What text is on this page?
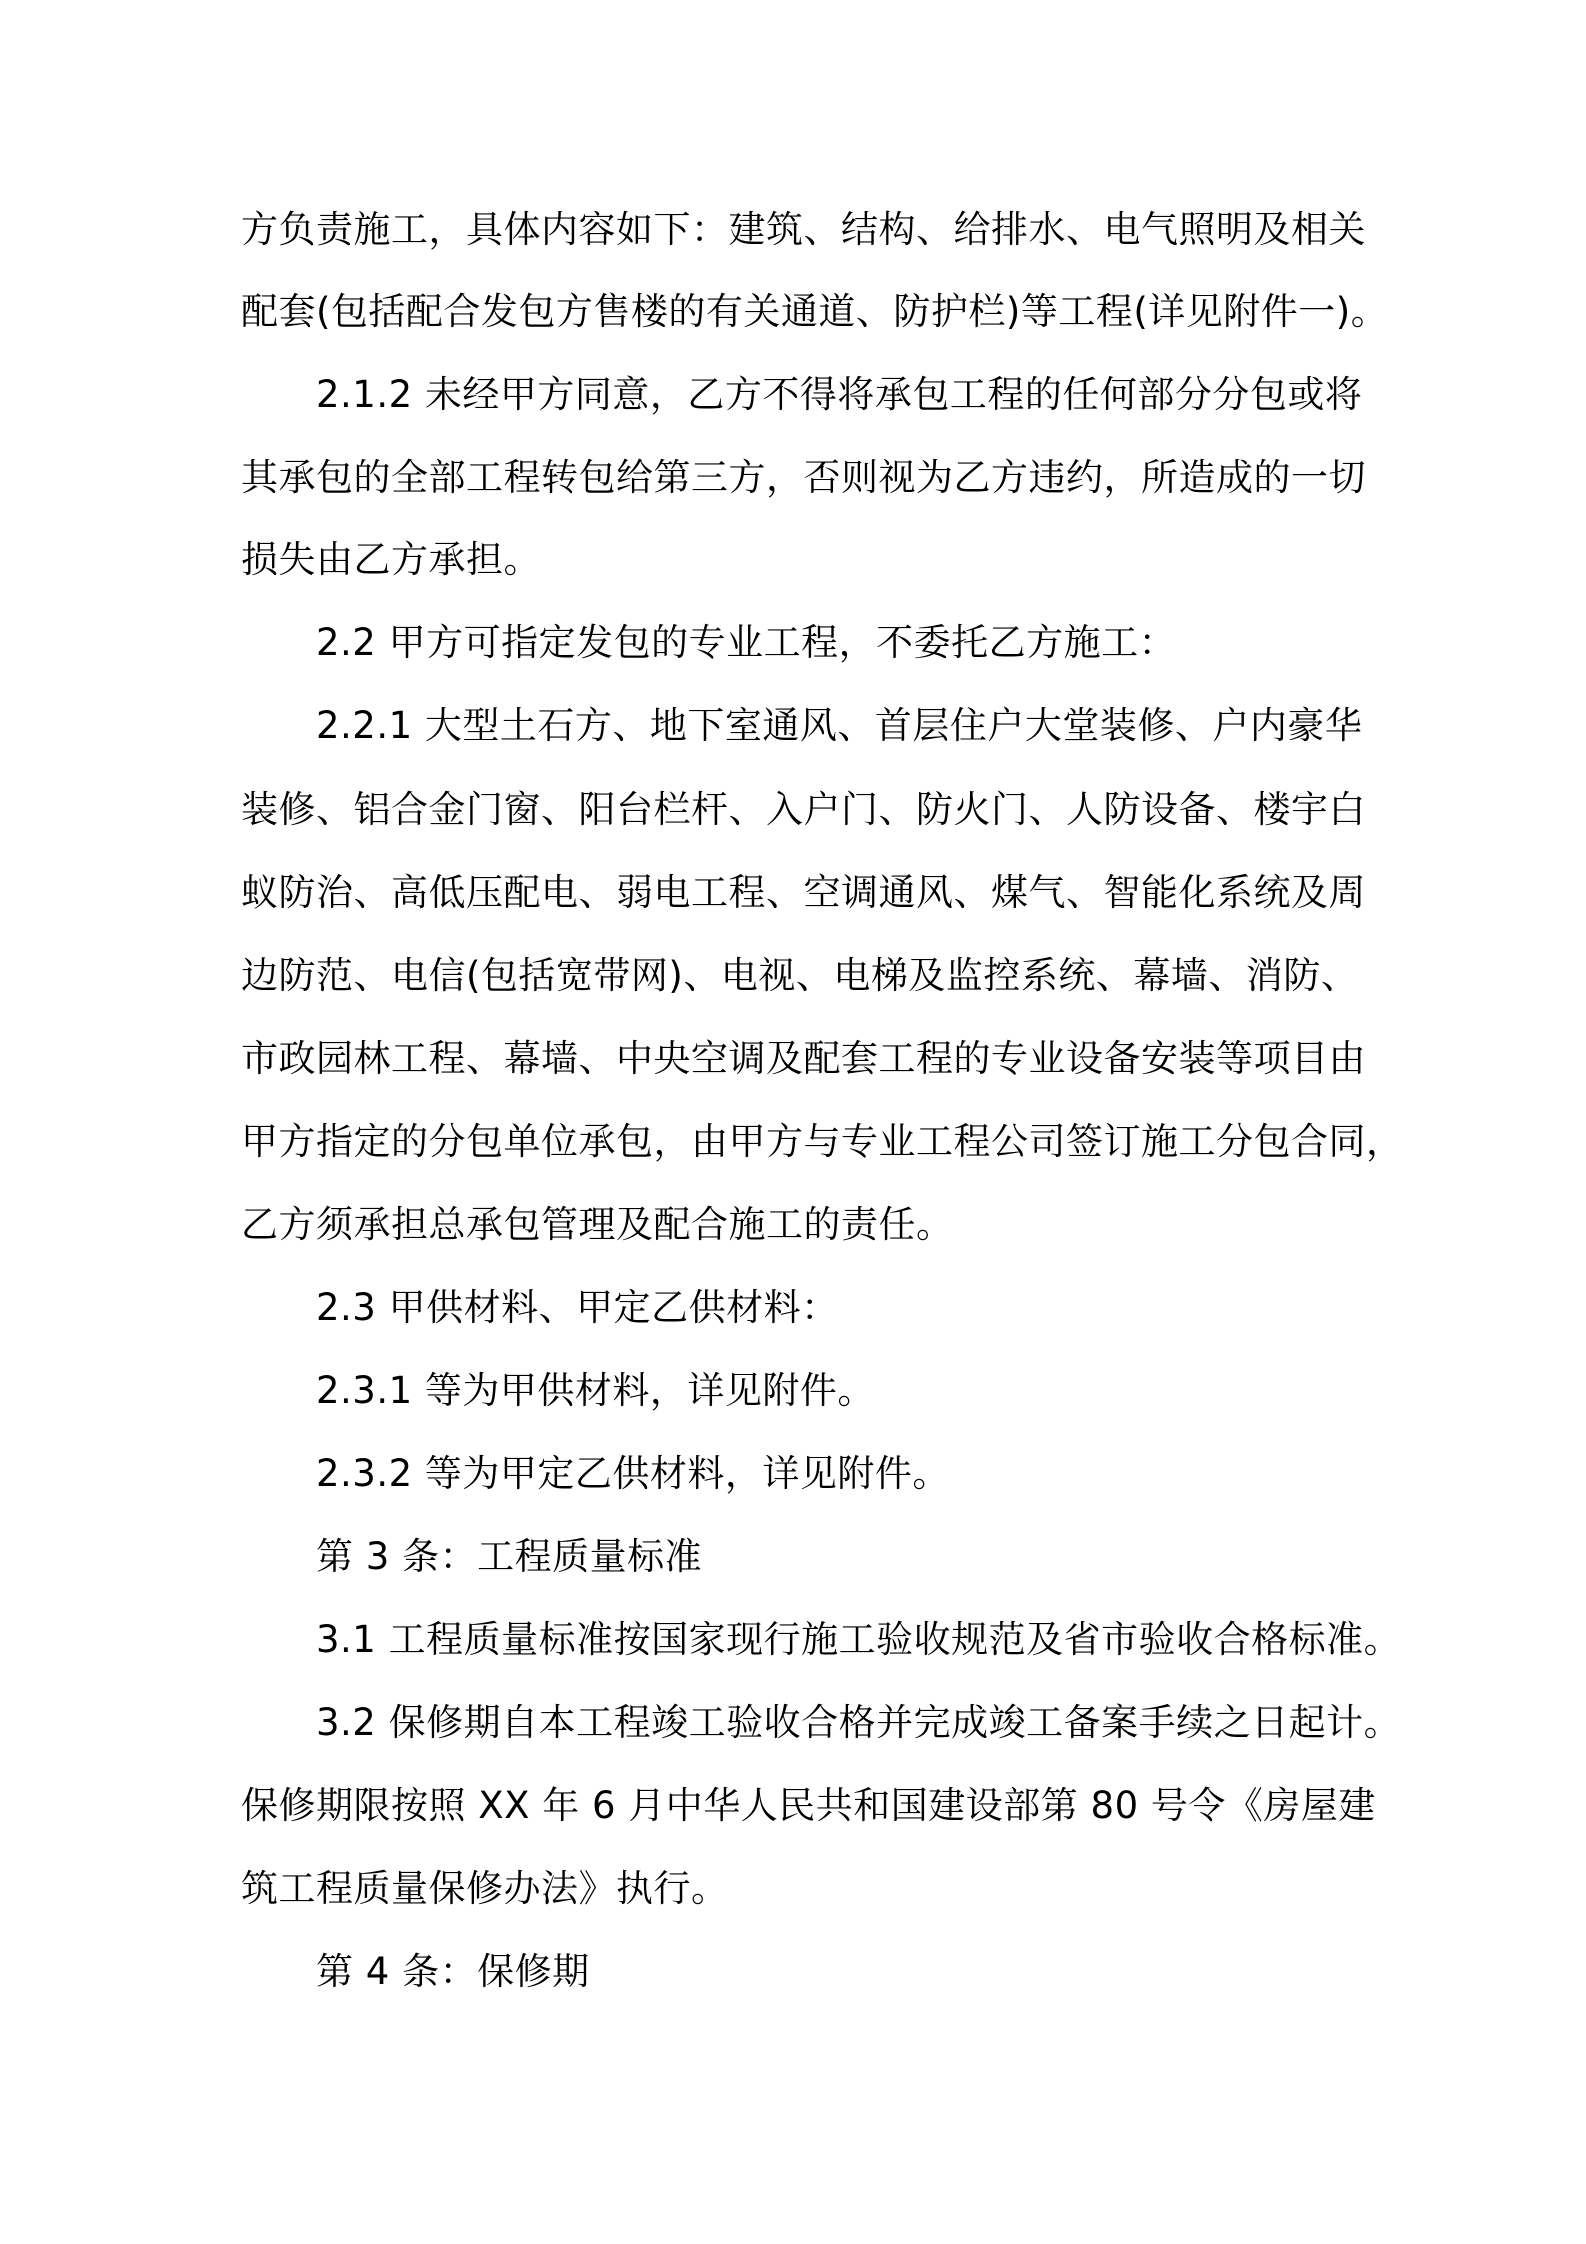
方负责施工，具体内容如下：建筑、结构、给排水、电气照明及相关
配套(包括配合发包方售楼的有关通道、防护栏)等工程(详见附件一)。
2.1.2 未经甲方同意，乙方不得将承包工程的任何部分分包或将
其承包的全部工程转包给第三方，否则视为乙方违约，所造成的一切
损失由乙方承担。
2.2 甲方可指定发包的专业工程，不委托乙方施工：
2.2.1 大型土石方、地下室通风、首层住户大堂装修、户内豪华
装修、铝合金门窗、阳台栏杆、入户门、防火门、人防设备、楼宇白
蚁防治、高低压配电、弱电工程、空调通风、煤气、智能化系统及周
边防范、电信(包括宽带网)、电视、电梯及监控系统、幕墙、消防、
市政园林工程、幕墙、中央空调及配套工程的专业设备安装等项目由
甲方指定的分包单位承包，由甲方与专业工程公司签订施工分包合同，
乙方须承担总承包管理及配合施工的责任。
2.3 甲供材料、甲定乙供材料：
2.3.1 等为甲供材料，详见附件。
2.3.2 等为甲定乙供材料，详见附件。
第 3 条：工程质量标准
3.1 工程质量标准按国家现行施工验收规范及省市验收合格标准。
3.2 保修期自本工程竣工验收合格并完成竣工备案手续之日起计。
保修期限按照 XX 年 6 月中华人民共和国建设部第 80 号令《房屋建
筑工程质量保修办法》执行。
第 4 条：保修期
